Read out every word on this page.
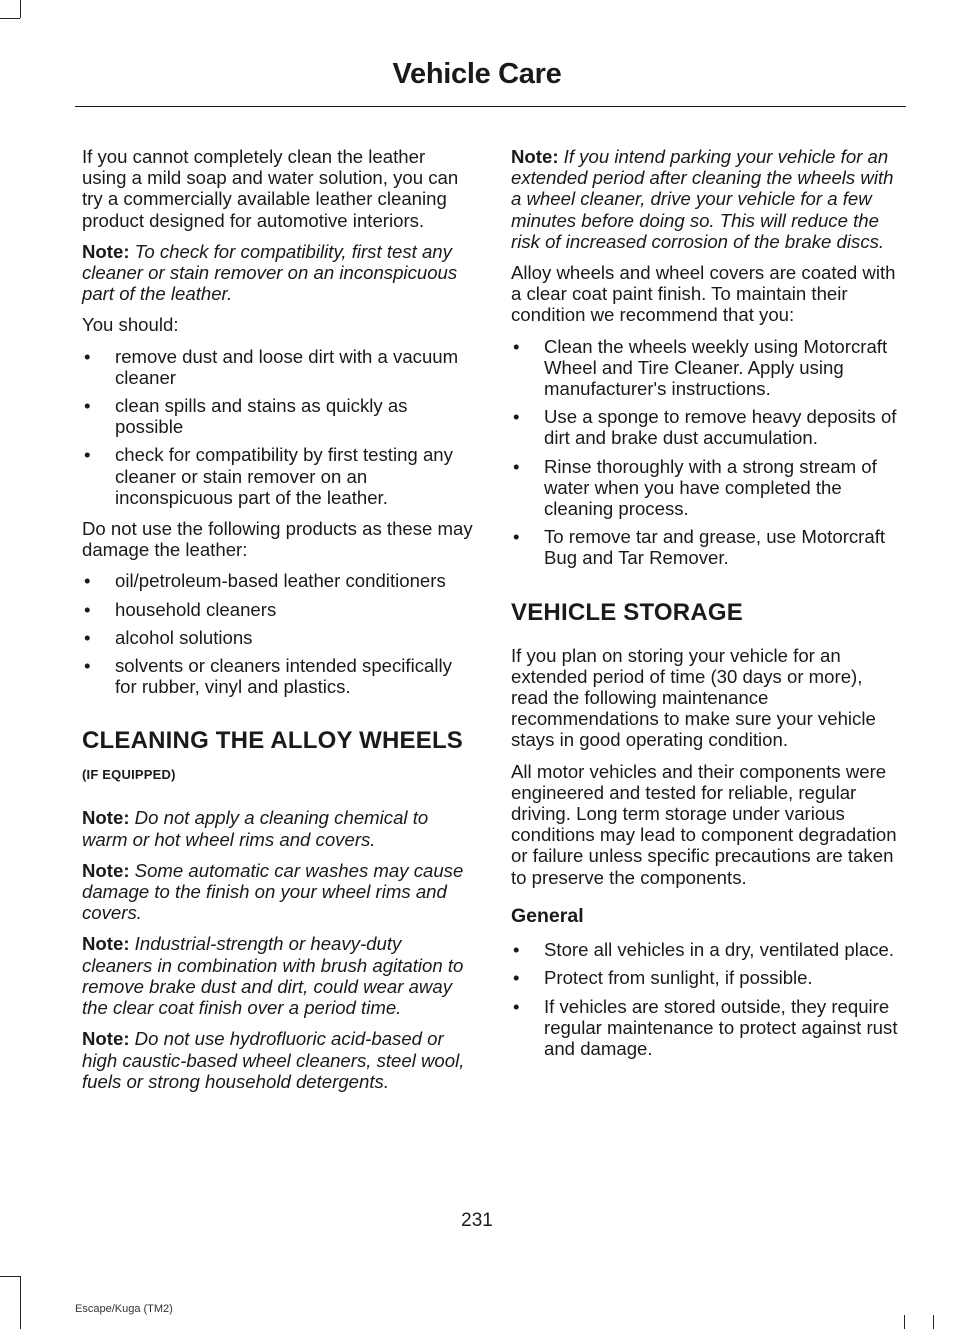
Vehicle Care

If you cannot completely clean the leather using a mild soap and water solution, you can try a commercially available leather cleaning product designed for automotive interiors.

Note: To check for compatibility, first test any cleaner or stain remover on an inconspicuous part of the leather.

You should:

• remove dust and loose dirt with a vacuum cleaner
• clean spills and stains as quickly as possible
• check for compatibility by first testing any cleaner or stain remover on an inconspicuous part of the leather.

Do not use the following products as these may damage the leather:

• oil/petroleum-based leather conditioners
• household cleaners
• alcohol solutions
• solvents or cleaners intended specifically for rubber, vinyl and plastics.
CLEANING THE ALLOY WHEELS (IF EQUIPPED)

Note: Do not apply a cleaning chemical to warm or hot wheel rims and covers.

Note: Some automatic car washes may cause damage to the finish on your wheel rims and covers.

Note: Industrial-strength or heavy-duty cleaners in combination with brush agitation to remove brake dust and dirt, could wear away the clear coat finish over a period time.

Note: Do not use hydrofluoric acid-based or high caustic-based wheel cleaners, steel wool, fuels or strong household detergents.

Note: If you intend parking your vehicle for an extended period after cleaning the wheels with a wheel cleaner, drive your vehicle for a few minutes before doing so. This will reduce the risk of increased corrosion of the brake discs.

Alloy wheels and wheel covers are coated with a clear coat paint finish. To maintain their condition we recommend that you:

• Clean the wheels weekly using Motorcraft Wheel and Tire Cleaner. Apply using manufacturer's instructions.
• Use a sponge to remove heavy deposits of dirt and brake dust accumulation.
• Rinse thoroughly with a strong stream of water when you have completed the cleaning process.
• To remove tar and grease, use Motorcraft Bug and Tar Remover.
VEHICLE STORAGE

If you plan on storing your vehicle for an extended period of time (30 days or more), read the following maintenance recommendations to make sure your vehicle stays in good operating condition.

All motor vehicles and their components were engineered and tested for reliable, regular driving. Long term storage under various conditions may lead to component degradation or failure unless specific precautions are taken to preserve the components.

General
• Store all vehicles in a dry, ventilated place.
• Protect from sunlight, if possible.
• If vehicles are stored outside, they require regular maintenance to protect against rust and damage.
231
Escape/Kuga (TM2)
